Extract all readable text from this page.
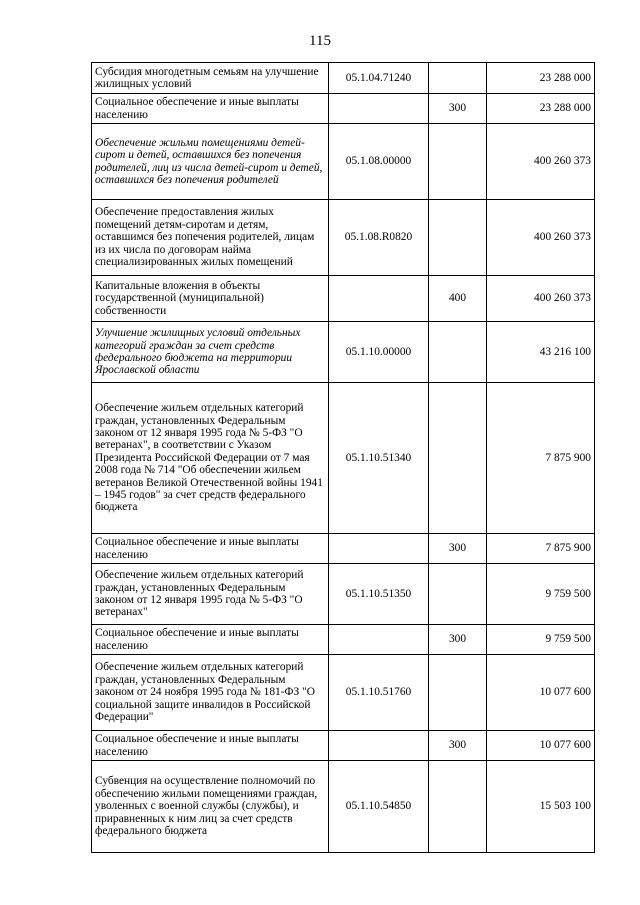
115
Субсидия многодетным семьям на улучшение жилищных условий	05.1.04.71240		23 288 000
Социальное обеспечение и иные выплаты населению		300	23 288 000
Обеспечение жильми помещениями детей-сирот и детей, оставшихся без попечения родителей, лиц из числа детей-сирот и детей, оставшихся без попечения родителей	05.1.08.00000		400 260 373
Обеспечение предоставления жилых помещений детям-сиротам и детям, оставшимся без попечения родителей, лицам из их числа по договорам найма специализированных жилых помещений	05.1.08.R0820		400 260 373
Капитальные вложения в объекты государственной (муниципальной) собственности		400	400 260 373
Улучшение жилищных условий отдельных категорий граждан за счет средств федерального бюджета на территории Ярославской области	05.1.10.00000		43 216 100
Обеспечение жильем отдельных категорий граждан, установленных Федеральным законом от 12 января 1995 года № 5-ФЗ "О ветеранах", в соответствии с Указом Президента Российской Федерации от 7 мая 2008 года № 714 "Об обеспечении жильем ветеранов Великой Отечественной войны 1941 – 1945 годов" за счет средств федерального бюджета	05.1.10.51340		7 875 900
Социальное обеспечение и иные выплаты населению		300	7 875 900
Обеспечение жильем отдельных категорий граждан, установленных Федеральным законом от 12 января 1995 года № 5-ФЗ "О ветеранах"	05.1.10.51350		9 759 500
Социальное обеспечение и иные выплаты населению		300	9 759 500
Обеспечение жильем отдельных категорий граждан, установленных Федеральным законом от 24 ноября 1995 года № 181-ФЗ "О социальной защите инвалидов в Российской Федерации"	05.1.10.51760		10 077 600
Социальное обеспечение и иные выплаты населению		300	10 077 600
Субвенция на осуществление полномочий по обеспечению жильми помещениями граждан, уволенных с военной службы (службы), и приравненных к ним лиц за счет средств федерального бюджета	05.1.10.54850		15 503 100
